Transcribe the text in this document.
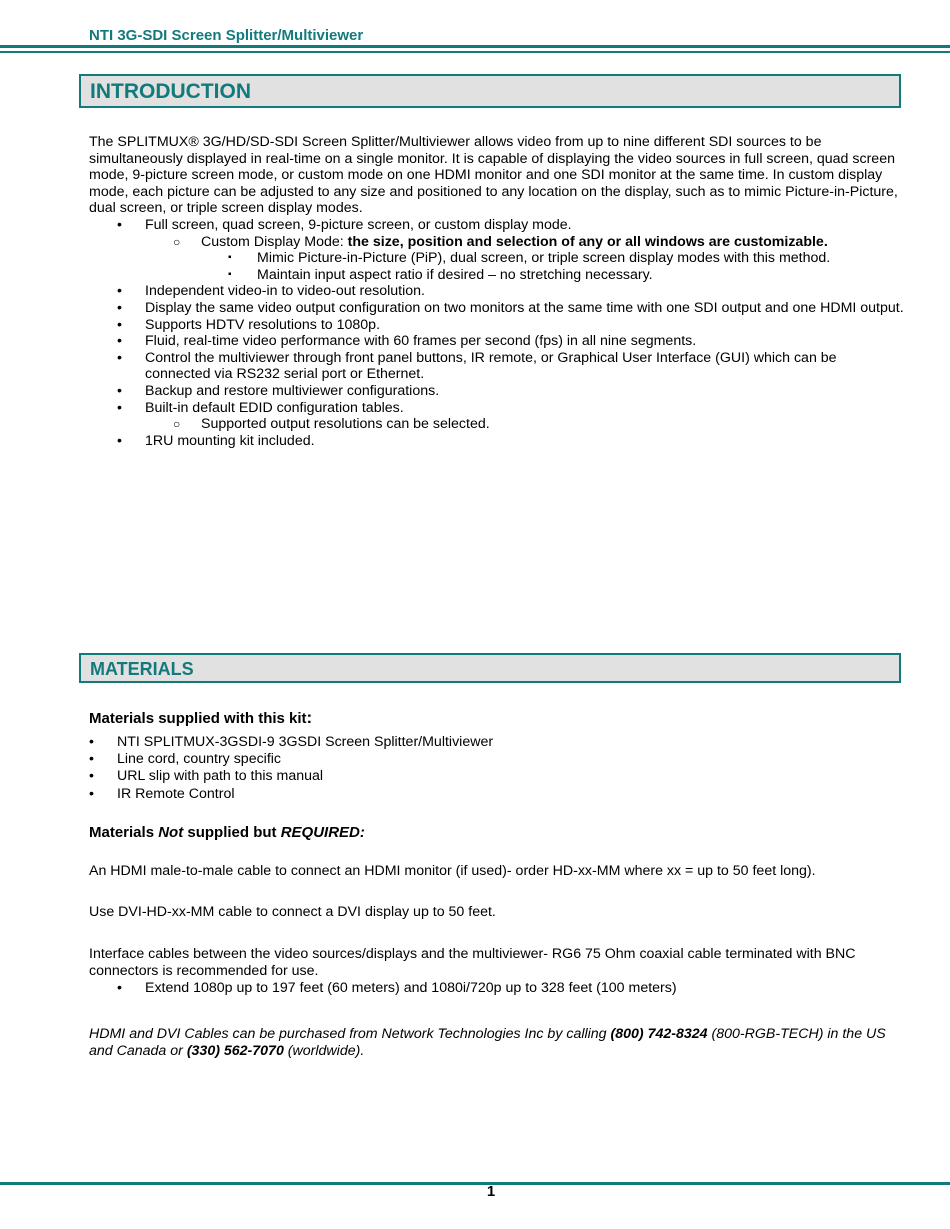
NTI 3G-SDI Screen Splitter/Multiviewer
INTRODUCTION
The SPLITMUX® 3G/HD/SD-SDI Screen Splitter/Multiviewer allows video from up to nine different SDI sources to be
simultaneously displayed in real-time on a single monitor. It is capable of displaying the video sources in full screen, quad screen
mode, 9-picture screen mode, or custom mode on one HDMI monitor and one SDI monitor at the same time. In custom display
mode, each picture can be adjusted to any size and positioned to any location on the display, such as to mimic Picture-in-Picture,
dual screen, or triple screen display modes.
• Full screen, quad screen, 9-picture screen, or custom display mode.
○ Custom Display Mode: the size, position and selection of any or all windows are customizable.
▪ Mimic Picture-in-Picture (PiP), dual screen, or triple screen display modes with this method.
▪ Maintain input aspect ratio if desired – no stretching necessary.
• Independent video-in to video-out resolution.
• Display the same video output configuration on two monitors at the same time with one SDI output and one HDMI output.
• Supports HDTV resolutions to 1080p.
• Fluid, real-time video performance with 60 frames per second (fps) in all nine segments.
• Control the multiviewer through front panel buttons, IR remote, or Graphical User Interface (GUI) which can be
connected via RS232 serial port or Ethernet.
• Backup and restore multiviewer configurations.
• Built-in default EDID configuration tables.
○ Supported output resolutions can be selected.
• 1RU mounting kit included.
MATERIALS
Materials supplied with this kit:
• NTI SPLITMUX-3GSDI-9 3GSDI Screen Splitter/Multiviewer
• Line cord, country specific
• URL slip with path to this manual
• IR Remote Control
Materials Not supplied but REQUIRED:
An HDMI male-to-male cable to connect an HDMI monitor (if used)- order HD-xx-MM where xx = up to 50 feet long).
Use DVI-HD-xx-MM cable to connect a DVI display up to 50 feet.
Interface cables between the video sources/displays and the multiviewer- RG6 75 Ohm coaxial cable terminated with BNC
connectors is recommended for use.
• Extend 1080p up to 197 feet (60 meters) and 1080i/720p up to 328 feet (100 meters)
HDMI and DVI Cables can be purchased from Network Technologies Inc by calling (800) 742-8324 (800-RGB-TECH) in the US
and Canada or (330) 562-7070 (worldwide).
1
